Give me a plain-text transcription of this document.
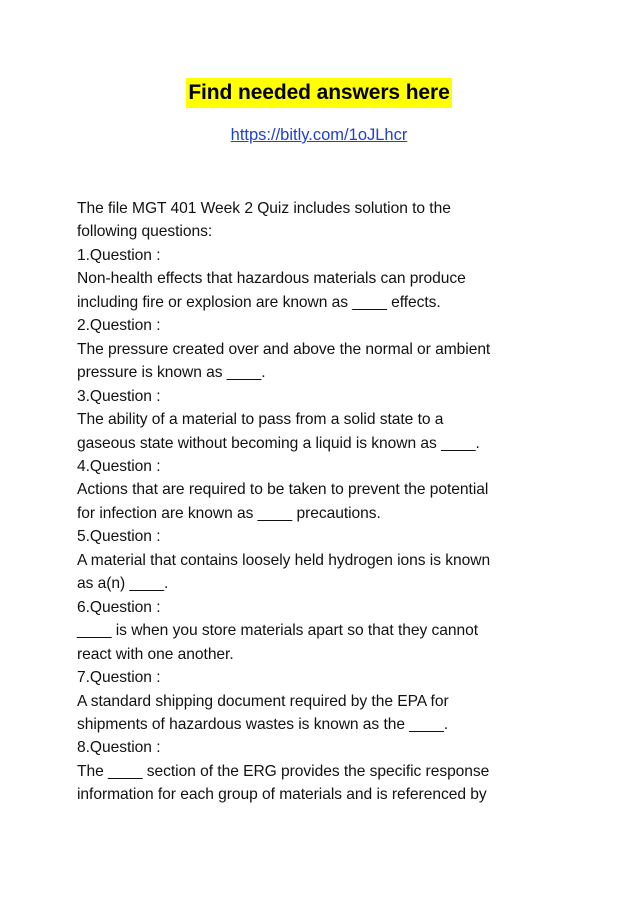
Find needed answers here
https://bitly.com/1oJLhcr
The file MGT 401 Week 2 Quiz includes solution to the
following questions:
1.Question :
Non-health effects that hazardous materials can produce
including fire or explosion are known as ____ effects.
2.Question :
The pressure created over and above the normal or ambient
pressure is known as ____.
3.Question :
The ability of a material to pass from a solid state to a
gaseous state without becoming a liquid is known as ____.
4.Question :
Actions that are required to be taken to prevent the potential
for infection are known as ____ precautions.
5.Question :
A material that contains loosely held hydrogen ions is known
as a(n) ____.
6.Question :
____ is when you store materials apart so that they cannot
react with one another.
7.Question :
A standard shipping document required by the EPA for
shipments of hazardous wastes is known as the ____.
8.Question :
The ____ section of the ERG provides the specific response
information for each group of materials and is referenced by
